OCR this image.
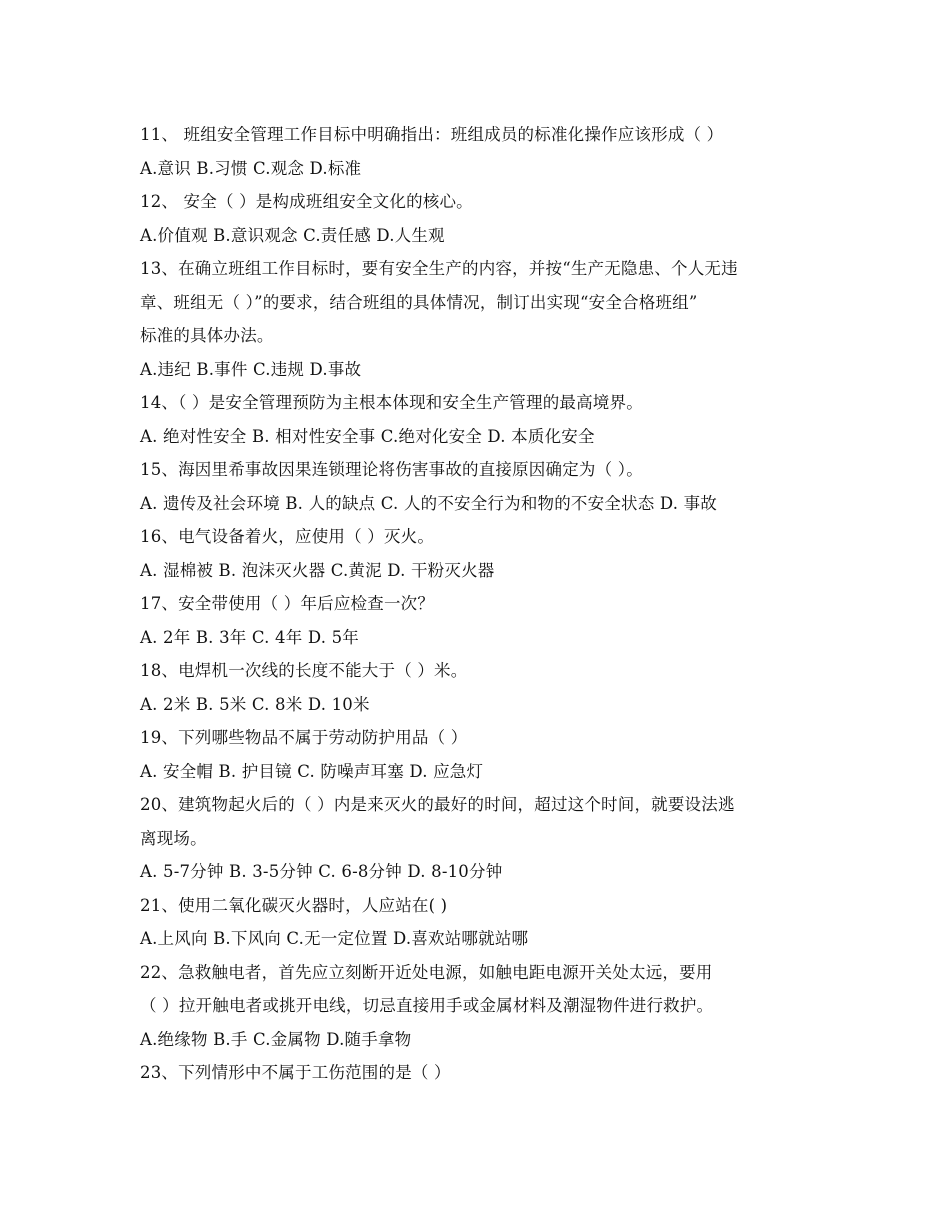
11、 班组安全管理工作目标中明确指出：班组成员的标准化操作应该形成（ ）
A.意识 B.习惯 C.观念 D.标准
12、 安全（ ）是构成班组安全文化的核心。
A.价值观 B.意识观念 C.责任感 D.人生观
13、在确立班组工作目标时，要有安全生产的内容，并按“生产无隐患、个人无违
章、班组无（ ）”的要求，结合班组的具体情况，制订出实现“安全合格班组”
标准的具体办法。
A.违纪 B.事件 C.违规 D.事故
14、（ ）是安全管理预防为主根本体现和安全生产管理的最高境界。
A. 绝对性安全 B. 相对性安全事 C.绝对化安全 D. 本质化安全
15、海因里希事故因果连锁理论将伤害事故的直接原因确定为（ ）。
A. 遗传及社会环境 B. 人的缺点 C. 人的不安全行为和物的不安全状态 D. 事故
16、电气设备着火，应使用（ ）灭火。
A. 湿棉被 B. 泡沫灭火器 C.黄泥 D. 干粉灭火器
17、安全带使用（ ）年后应检查一次？
A. 2年 B. 3年 C. 4年 D. 5年
18、电焊机一次线的长度不能大于（ ）米。
A. 2米 B. 5米 C. 8米 D. 10米
19、下列哪些物品不属于劳动防护用品（ ）
A. 安全帽 B. 护目镜 C. 防噪声耳塞 D. 应急灯
20、建筑物起火后的（ ）内是来灭火的最好的时间，超过这个时间，就要设法逃
离现场。
A. 5-7分钟 B. 3-5分钟 C. 6-8分钟 D. 8-10分钟
21、使用二氧化碳灭火器时，人应站在( )
A.上风向 B.下风向 C.无一定位置 D.喜欢站哪就站哪
22、急救触电者，首先应立刻断开近处电源，如触电距电源开关处太远，要用
（ ）拉开触电者或挑开电线，切忌直接用手或金属材料及潮湿物件进行救护。
A.绝缘物 B.手 C.金属物 D.随手拿物
23、下列情形中不属于工伤范围的是（ ）
